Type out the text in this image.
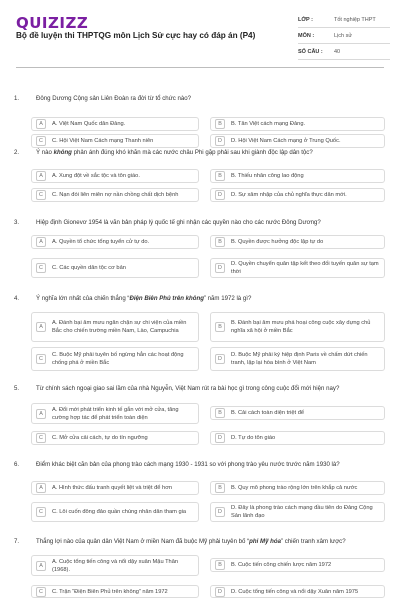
QUIZIZZ
Bộ đề luyện thi THPTQG môn Lịch Sử cực hay có đáp án (P4)
LỚP :	Tốt nghiệp THPT
MÔN :	Lịch sử
SỐ CÂU :	40
1.	Đông Dương Cộng sản Liên Đoàn ra đời từ tổ chức nào?
A	A. Việt Nam Quốc dân Đảng.	B	B. Tân Việt cách mạng Đảng.
C	C. Hội Việt Nam Cách mạng Thanh niên	D	D. Hội Việt Nam Cách mạng ở Trung Quốc.
2.	Ý nào không phản ánh đúng khó khăn mà các nước châu Phi gặp phải sau khi giành độc lập dân tộc?
A	A. Xung đột về sắc tộc và tôn giáo.	B	B. Thiếu nhân công lao động
C	C. Nạn đói liên miên nợ nần chồng chất dịch bệnh	D	D. Sự xâm nhập của chủ nghĩa thực dân mới.
3.	Hiệp định Gionevơ 1954 là văn bản pháp lý quốc tế ghi nhận các quyền nào cho các nước Đông Dương?
A	A. Quyền tổ chức tổng tuyển cử tự do.	B	B. Quyền được hưởng độc lập tự do
C	C. Các quyền dân tộc cơ bản	D
D. Quyền chuyển quân tập kết theo đối tuyến quân sự tạm thời
4.	Ý nghĩa lớn nhất của chiến thắng “Điện Biên Phủ trên không” năm 1972 là gì?
A
A. Đánh bại âm mưu ngăn chặn sự chi viện của miền Bắc cho chiến trường miền Nam, Lào, Campuchia
B
B. Đánh bại âm mưu phá hoại công cuộc xây dựng chủ nghĩa xã hội ở miền Bắc
C
C. Buộc Mỹ phải tuyên bố ngừng hẳn các hoạt động chống phá ở miền Bắc
D
D. Buộc Mỹ phải ký hiệp định Paris về chấm dứt chiến tranh, lập lại hòa bình ở Việt Nam
5.	Từ chính sách ngoại giao sai lầm của nhà Nguyễn, Việt Nam rút ra bài học gì trong công cuộc đổi mới hiện nay?
A
A. Đổi mới phát triển kinh tế gắn với mở cửa, tăng cường hợp tác để phát triển toàn diện
B	B. Cải cách toàn diện triệt để
C	C. Mở cửa cải cách, tự do tín ngưỡng	D	D. Tự do tôn giáo
6.	Điểm khác biệt căn bản của phong trào cách mạng 1930 - 1931 so với phong trào yêu nước trước năm 1930 là?
A	A. Hình thức đấu tranh quyết liệt và triệt để hơn	B	B. Quy mô phong trào rộng lớn trên khắp cả nước
C	C. Lôi cuốn đông đảo quần chúng nhân dân tham gia	D
D. Đây là phong trào cách mạng đầu tiên do Đảng Cộng Sản lãnh đạo
7.	Thắng lợi nào của quân dân Việt Nam ở miền Nam đã buộc Mỹ phải tuyên bố “phi Mỹ hóa” chiến tranh xâm lược?
A
A. Cuộc tổng tiến công và nổi dậy xuân Mậu Thân (1968).
B	B. Cuộc tiến công chiến lược năm 1972
C	C. Trận “Điện Biên Phủ trên không” năm 1972	D	D. Cuộc tổng tiến công và nổi dậy Xuân năm 1975
